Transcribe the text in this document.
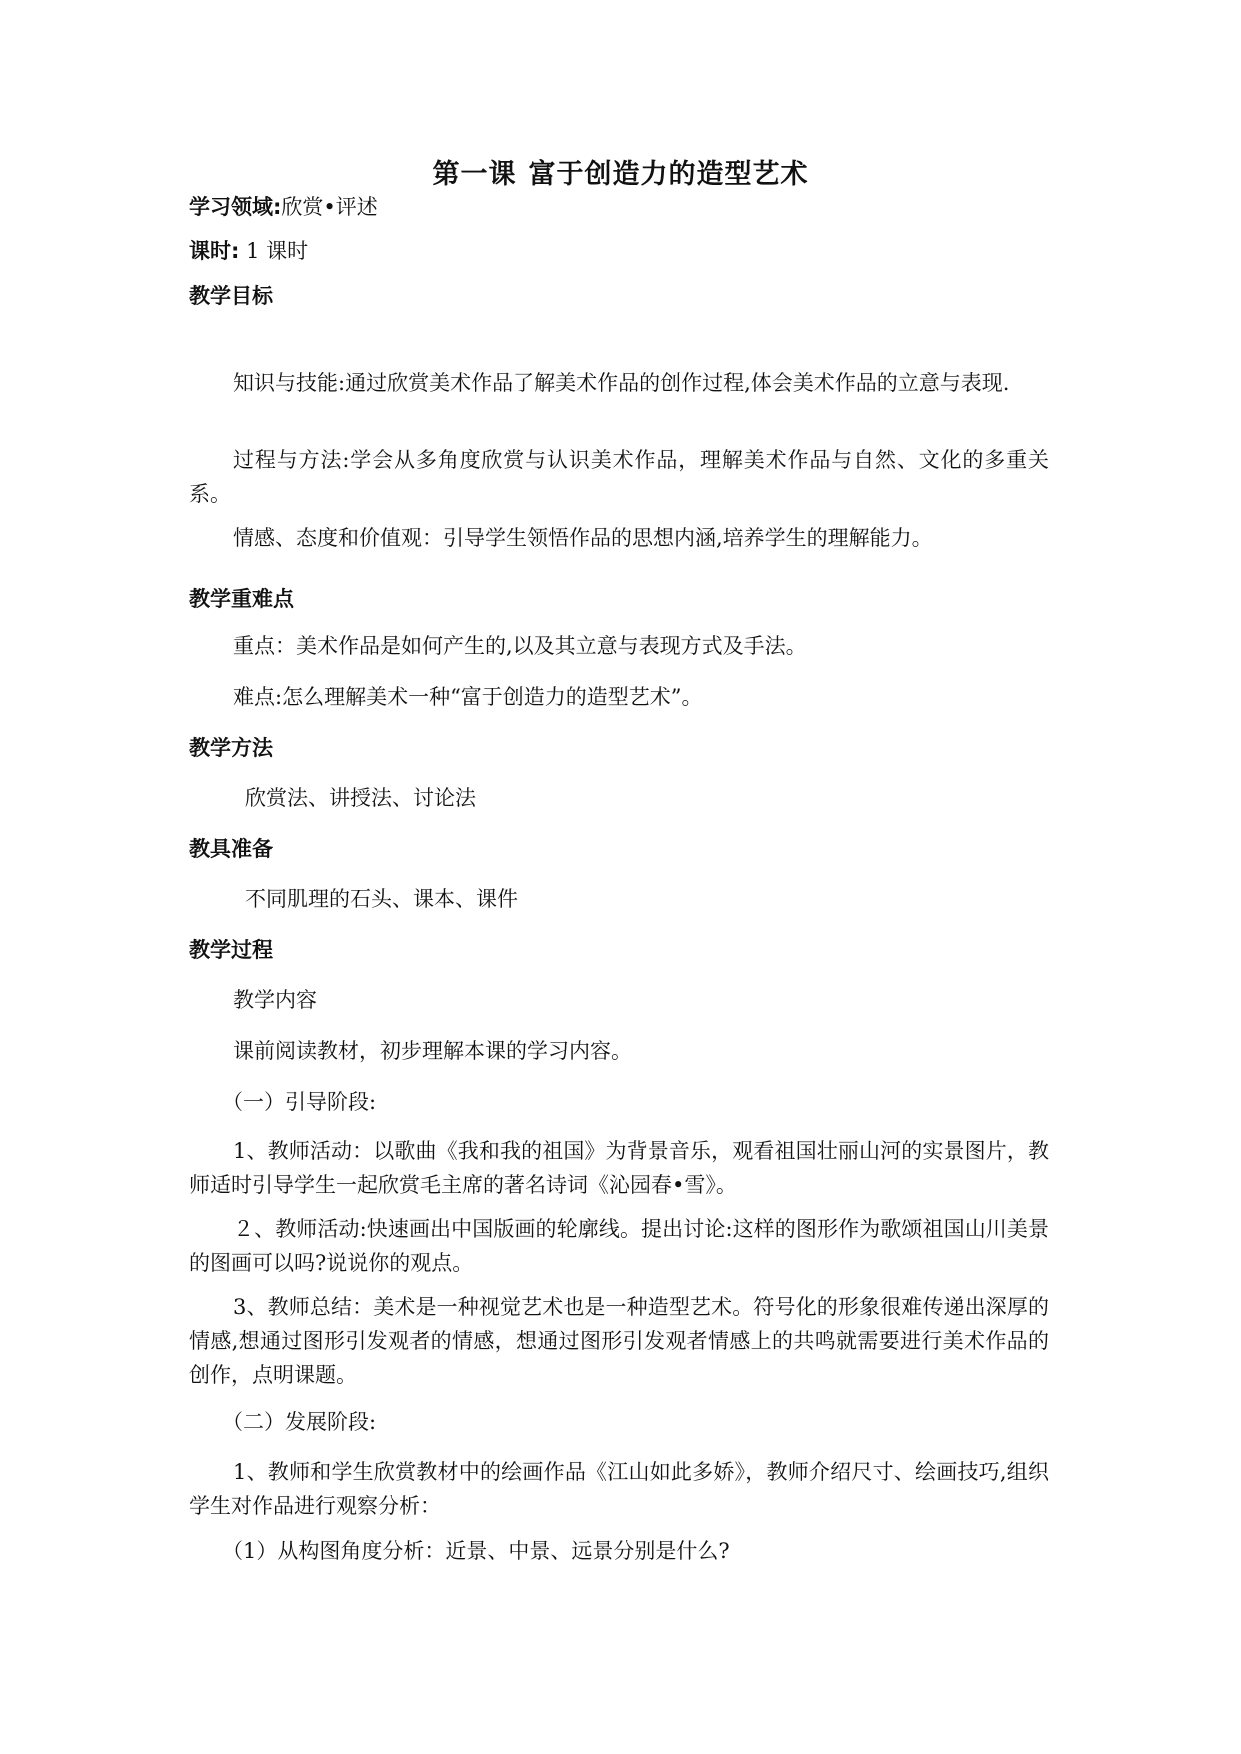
第一课 富于创造力的造型艺术
学习领域:欣赏•评述
课时: 1 课时
教学目标
知识与技能:通过欣赏美术作品了解美术作品的创作过程,体会美术作品的立意与表现.
过程与方法:学会从多角度欣赏与认识美术作品，理解美术作品与自然、文化的多重关系。
情感、态度和价值观：引导学生领悟作品的思想内涵,培养学生的理解能力。
教学重难点
重点：美术作品是如何产生的,以及其立意与表现方式及手法。
难点:怎么理解美术一种“富于创造力的造型艺术”。
教学方法
欣赏法、讲授法、讨论法
教具准备
不同肌理的石头、课本、课件
教学过程
教学内容
课前阅读教材，初步理解本课的学习内容。
（一）引导阶段:
1、教师活动：以歌曲《我和我的祖国》为背景音乐，观看祖国壮丽山河的实景图片，教师适时引导学生一起欣赏毛主席的著名诗词《沁园春•雪》。
２、教师活动:快速画出中国版画的轮廓线。提出讨论:这样的图形作为歌颂祖国山川美景的图画可以吗?说说你的观点。
3、教师总结：美术是一种视觉艺术也是一种造型艺术。符号化的形象很难传递出深厚的情感,想通过图形引发观者的情感，想通过图形引发观者情感上的共鸣就需要进行美术作品的创作，点明课题。
（二）发展阶段:
1、教师和学生欣赏教材中的绘画作品《江山如此多娇》，教师介绍尺寸、绘画技巧,组织学生对作品进行观察分析：
（1）从构图角度分析：近景、中景、远景分别是什么?
